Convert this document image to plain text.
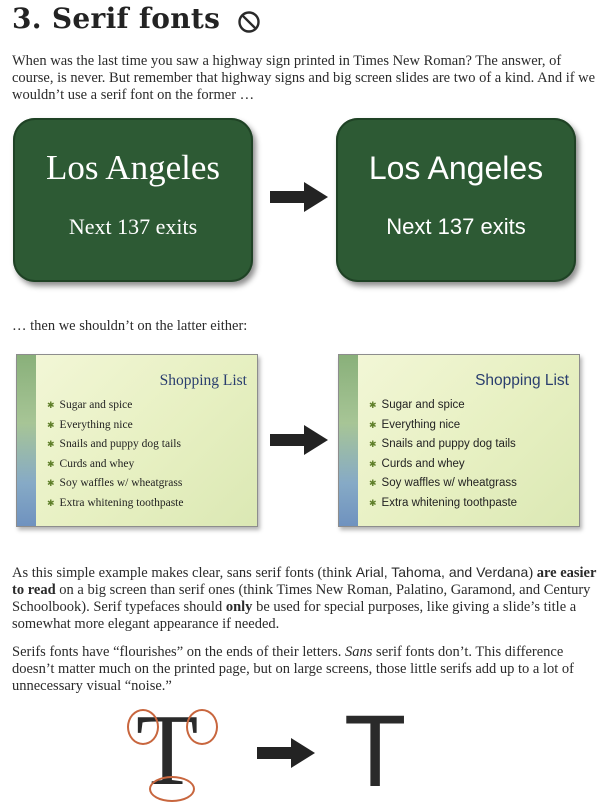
3. Serif fonts
When was the last time you saw a highway sign printed in Times New Roman? The answer, of course, is never. But remember that highway signs and big screen slides are two of a kind. And if we wouldn’t use a serif font on the former …
Los Angeles
Next 137 exits
Los Angeles
Next 137 exits
… then we shouldn’t on the latter either:
Shopping List
✱ Sugar and spice
✱ Everything nice
✱ Snails and puppy dog tails
✱ Curds and whey
✱ Soy waffles w/ wheatgrass
✱ Extra whitening toothpaste
Shopping List
✱ Sugar and spice
✱ Everything nice
✱ Snails and puppy dog tails
✱ Curds and whey
✱ Soy waffles w/ wheatgrass
✱ Extra whitening toothpaste
As this simple example makes clear, sans serif fonts (think Arial, Tahoma, and Verdana) are easier to read on a big screen than serif ones (think Times New Roman, Palatino, Garamond, and Century Schoolbook). Serif typefaces should only be used for special purposes, like giving a slide’s title a somewhat more elegant appearance if needed.
Serifs fonts have “flourishes” on the ends of their letters. Sans serif fonts don’t. This difference doesn’t matter much on the printed page, but on large screens, those little serifs add up to a lot of unnecessary visual “noise.”
T T
